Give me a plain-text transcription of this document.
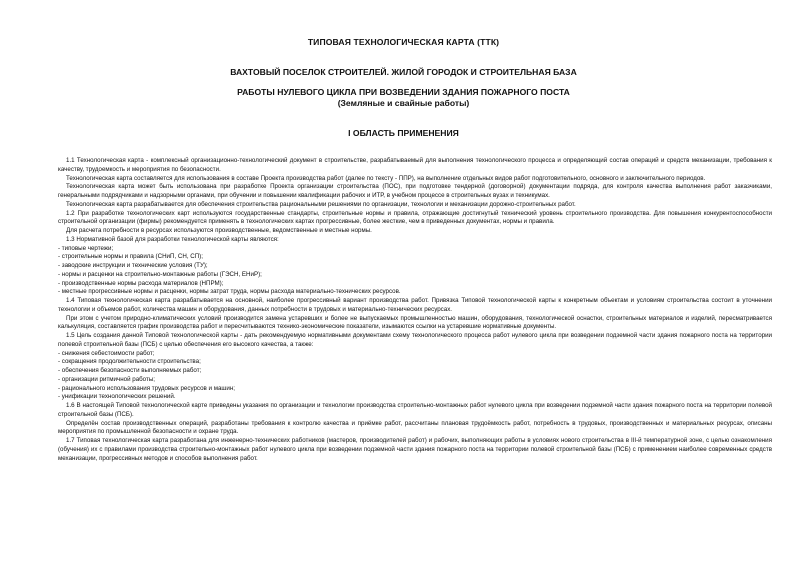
ТИПОВАЯ ТЕХНОЛОГИЧЕСКАЯ КАРТА (ТТК)
ВАХТОВЫЙ ПОСЕЛОК СТРОИТЕЛЕЙ. ЖИЛОЙ ГОРОДОК И СТРОИТЕЛЬНАЯ БАЗА
РАБОТЫ НУЛЕВОГО ЦИКЛА ПРИ ВОЗВЕДЕНИИ ЗДАНИЯ ПОЖАРНОГО ПОСТА
(Земляные и свайные работы)
I ОБЛАСТЬ ПРИМЕНЕНИЯ

1.1 Технологическая карта - комплексный организационно-технологический документ в строительстве, разрабатываемый для выполнения технологического процесса и определяющий состав операций и средств механизации, требования к качеству, трудоемкость и мероприятия по безопасности.

Технологическая карта составляется для использования в составе Проекта производства работ (далее по тексту - ППР), на выполнение отдельных видов работ подготовительного, основного и заключительного периодов.

Технологическая карта может быть использована при разработке Проекта организации строительства (ПОС), при подготовке тендерной (договорной) документации подряда, для контроля качества выполнения работ заказчиками, генеральными подрядчиками и надзорными органами, при обучении и повышении квалификации рабочих и ИТР, в учебном процессе в строительных вузах и техникумах.

Технологическая карта разрабатывается для обеспечения строительства рациональными решениями по организации, технологии и механизации дорожно-строительных работ.

1.2 При разработке технологических карт используются государственные стандарты, строительные нормы и правила, отражающие достигнутый технический уровень строительного производства. Для повышения конкурентоспособности строительной организации (фирмы) рекомендуется применять в технологических картах прогрессивные, более жесткие, чем в приведенных документах, нормы и правила.

Для расчета потребности в ресурсах используются производственные, ведомственные и местные нормы.

1.3 Нормативной базой для разработки технологической карты являются:

- типовые чертежи;

- строительные нормы и правила (СНиП, СН, СП);

- заводские инструкции и технические условия (ТУ);

- нормы и расценки на строительно-монтажные работы (ГЭСН, ЕНиР);

- производственные нормы расхода материалов (НПРМ);

- местные прогрессивные нормы и расценки, нормы затрат труда, нормы расхода материально-технических ресурсов.

1.4 Типовая технологическая карта разрабатывается на основной, наиболее прогрессивный вариант производства работ. Привязка Типовой технологической карты к конкретным объектам и условиям строительства состоит в уточнении технологии и объемов работ, количества машин и оборудования, данных потребности в трудовых и материально-технических ресурсах.

При этом с учетом природно-климатических условий производится замена устаревших и более не выпускаемых промышленностью машин, оборудования, технологической оснастки, строительных материалов и изделий, пересматривается калькуляция, составляется график производства работ и пересчитываются технико-экономические показатели, изымаются ссылки на устаревшие нормативные документы.

1.5 Цель создания данной Типовой технологической карты - дать рекомендуемую нормативными документами схему технологического процесса работ нулевого цикла при возведении подземной части здания пожарного поста на территории полевой строительной базы (ПСБ) с целью обеспечения его высокого качества, а также:

- снижения себестоимости работ;

- сокращения продолжительности строительства;

- обеспечения безопасности выполняемых работ;

- организации ритмичной работы;

- рационального использования трудовых ресурсов и машин;

- унификации технологических решений.

1.6 В настоящей Типовой технологической карте приведены указания по организации и технологии производства строительно-монтажных работ нулевого цикла при возведении подземной части здания пожарного поста на территории полевой строительной базы (ПСБ).

Определён состав производственных операций, разработаны требования к контролю качества и приёмке работ, рассчитаны плановая трудоёмкость работ, потребность в трудовых, производственных и материальных ресурсах, описаны мероприятия по промышленной безопасности и охране труда.

1.7 Типовая технологическая карта разработана для инженерно-технических работников (мастеров, производителей работ) и рабочих, выполняющих работы в условиях нового строительства в III-й температурной зоне, с целью ознакомления (обучения) их с правилами производства строительно-монтажных работ нулевого цикла при возведении подземной части здания пожарного поста на территории полевой строительной базы (ПСБ) с применением наиболее современных средств механизации, прогрессивных методов и способов выполнения работ.
